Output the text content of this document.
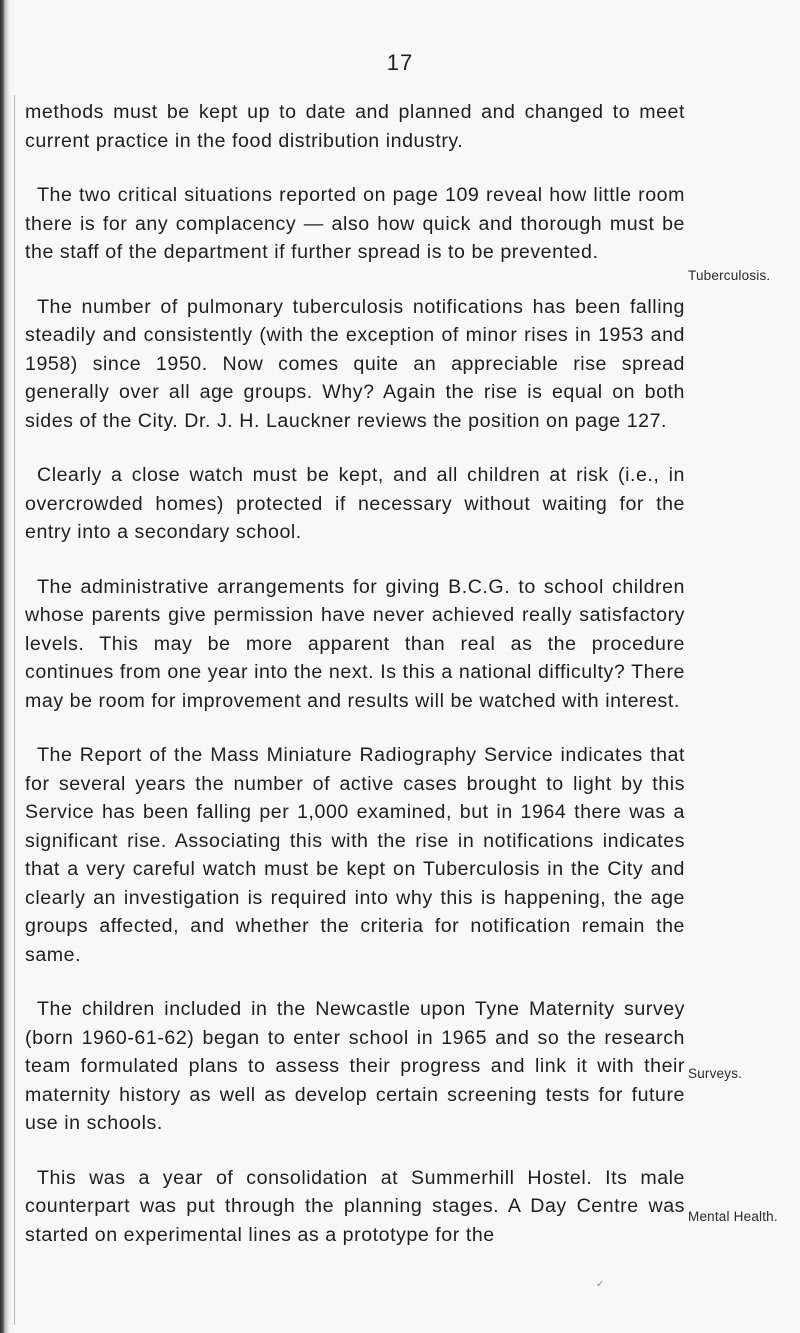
17

methods must be kept up to date and planned and changed to meet current practice in the food distribution industry.

The two critical situations reported on page 109 reveal how little room there is for any complacency — also how quick and thorough must be the staff of the department if further spread is to be prevented.

The number of pulmonary tuberculosis notifications has been falling steadily and consistently (with the exception of minor rises in 1953 and 1958) since 1950. Now comes quite an appreciable rise spread generally over all age groups. Why? Again the rise is equal on both sides of the City. Dr. J. H. Lauckner reviews the position on page 127.

Clearly a close watch must be kept, and all children at risk (i.e., in overcrowded homes) protected if necessary without waiting for the entry into a secondary school.

The administrative arrangements for giving B.C.G. to school children whose parents give permission have never achieved really satisfactory levels. This may be more apparent than real as the procedure continues from one year into the next. Is this a national difficulty? There may be room for improvement and results will be watched with interest.

The Report of the Mass Miniature Radiography Service indicates that for several years the number of active cases brought to light by this Service has been falling per 1,000 examined, but in 1964 there was a significant rise. Associating this with the rise in notifications indicates that a very careful watch must be kept on Tuberculosis in the City and clearly an investigation is required into why this is happening, the age groups affected, and whether the criteria for notification remain the same.

The children included in the Newcastle upon Tyne Maternity survey (born 1960-61-62) began to enter school in 1965 and so the research team formulated plans to assess their progress and link it with their maternity history as well as develop certain screening tests for future use in schools.

This was a year of consolidation at Summerhill Hostel. Its male counterpart was put through the planning stages. A Day Centre was started on experimental lines as a prototype for the

Tuberculosis.
Surveys.
Mental Health.
✓
